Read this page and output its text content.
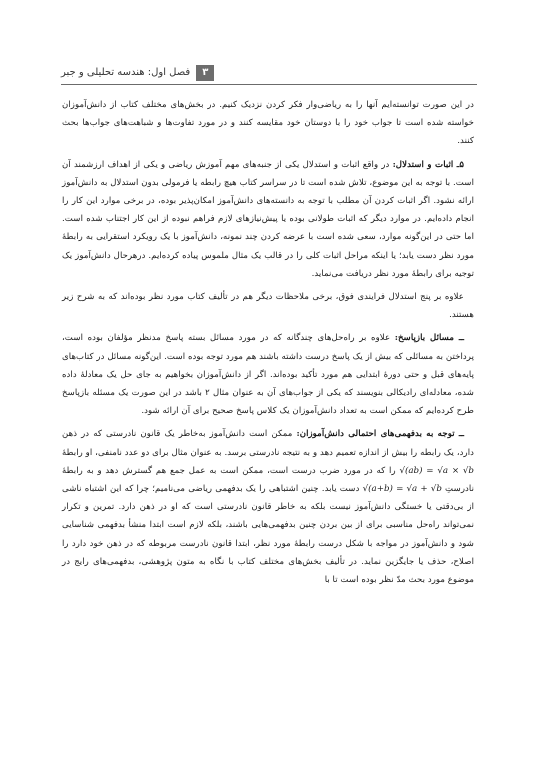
۳
فصل اول: هندسه تحلیلی و جبر

در این صورت توانسته‌ایم آنها را به ریاضی‌وار فکر کردن نزدیک کنیم. در بخش‌های مختلف کتاب از دانش‌آموزان خواسته شده است تا جواب خود را با دوستان خود مقایسه کنند و در مورد تفاوت‌ها و شباهت‌های جواب‌ها بحث کنند.

۵ـ اثبات و استدلال: در واقع اثبات و استدلال یکی از جنبه‌های مهم آموزش ریاضی و یکی از اهداف ارزشمند آن است. با توجه به این موضوع، تلاش شده است تا در سراسر کتاب هیچ رابطه یا فرمولی بدون استدلال به دانش‌آموز ارائه نشود. اگر اثبات کردن آن مطلب با توجه به دانسته‌های دانش‌آموز امکان‌پذیر بوده، در برخی موارد این کار را انجام داده‌ایم. در موارد دیگر که اثبات طولانی بوده یا پیش‌نیازهای لازم فراهم نبوده از این کار اجتناب شده است. اما حتی در این‌گونه موارد، سعی شده است با عرضه کردن چند نمونه، دانش‌آموز با یک رویکرد استقرایی به رابطهٔ مورد نظر دست یابد؛ یا اینکه مراحل اثبات کلی را در قالب یک مثال ملموس پیاده کرده‌ایم. درهرحال دانش‌آموز یک توجیه برای رابطهٔ مورد نظر دریافت می‌نماید.

علاوه بر پنج استدلال فرایندی فوق، برخی ملاحظات دیگر هم در تألیف کتاب مورد نظر بوده‌اند که به شرح زیر هستند.

ــ مسائل بازپاسخ: علاوه بر راه‌حل‌های چندگانه که در مورد مسائل بسته پاسخ مدنظر مؤلفان بوده است، پرداختن به مسائلی که بیش از یک پاسخ درست داشته باشند هم مورد توجه بوده است. این‌گونه مسائل در کتاب‌های پایه‌های قبل و حتی دورهٔ ابتدایی هم مورد تأکید بوده‌اند. اگر از دانش‌آموزان بخواهیم به جای حل یک معادلهٔ داده شده، معادله‌ای رادیکالی بنویسند که یکی از جواب‌های آن به عنوان مثال ۲ باشد در این صورت یک مسئله بازپاسخ طرح کرده‌ایم که ممکن است به تعداد دانش‌آموزان یک کلاس پاسخ صحیح برای آن ارائه شود.

ــ توجه به بدفهمی‌های احتمالی دانش‌آموزان: ممکن است دانش‌آموز به‌خاطر یک قانون نادرستی که در ذهن دارد، یک رابطه را بیش از اندازه تعمیم دهد و به نتیجه نادرستی برسد. به عنوان مثال برای دو عدد نامنفی، او رابطهٔ √(ab) = √a × √b را که در مورد ضرب درست است، ممکن است به عمل جمع هم گسترش دهد و به رابطهٔ نادرستِ √(a+b) = √a + √b دست یابد. چنین اشتباهی را یک بدفهمی ریاضی می‌نامیم؛ چرا که این اشتباه ناشی از بی‌دقتی یا خستگی دانش‌آموز نیست بلکه به خاطر قانون نادرستی است که او در ذهن دارد. تمرین و تکرار نمی‌تواند راه‌حل مناسبی برای از بین بردن چنین بدفهمی‌هایی باشند، بلکه لازم است ابتدا منشأ بدفهمی شناسایی شود و دانش‌آموز در مواجه با شکل درست رابطهٔ مورد نظر، ابتدا قانون نادرست مربوطه که در ذهن خود دارد را اصلاح، حذف یا جایگزین نماید. در تألیف بخش‌های مختلف کتاب با نگاه به متون پژوهشی، بدفهمی‌های رایج در موضوع مورد بحث مدّ نظر بوده است تا با
